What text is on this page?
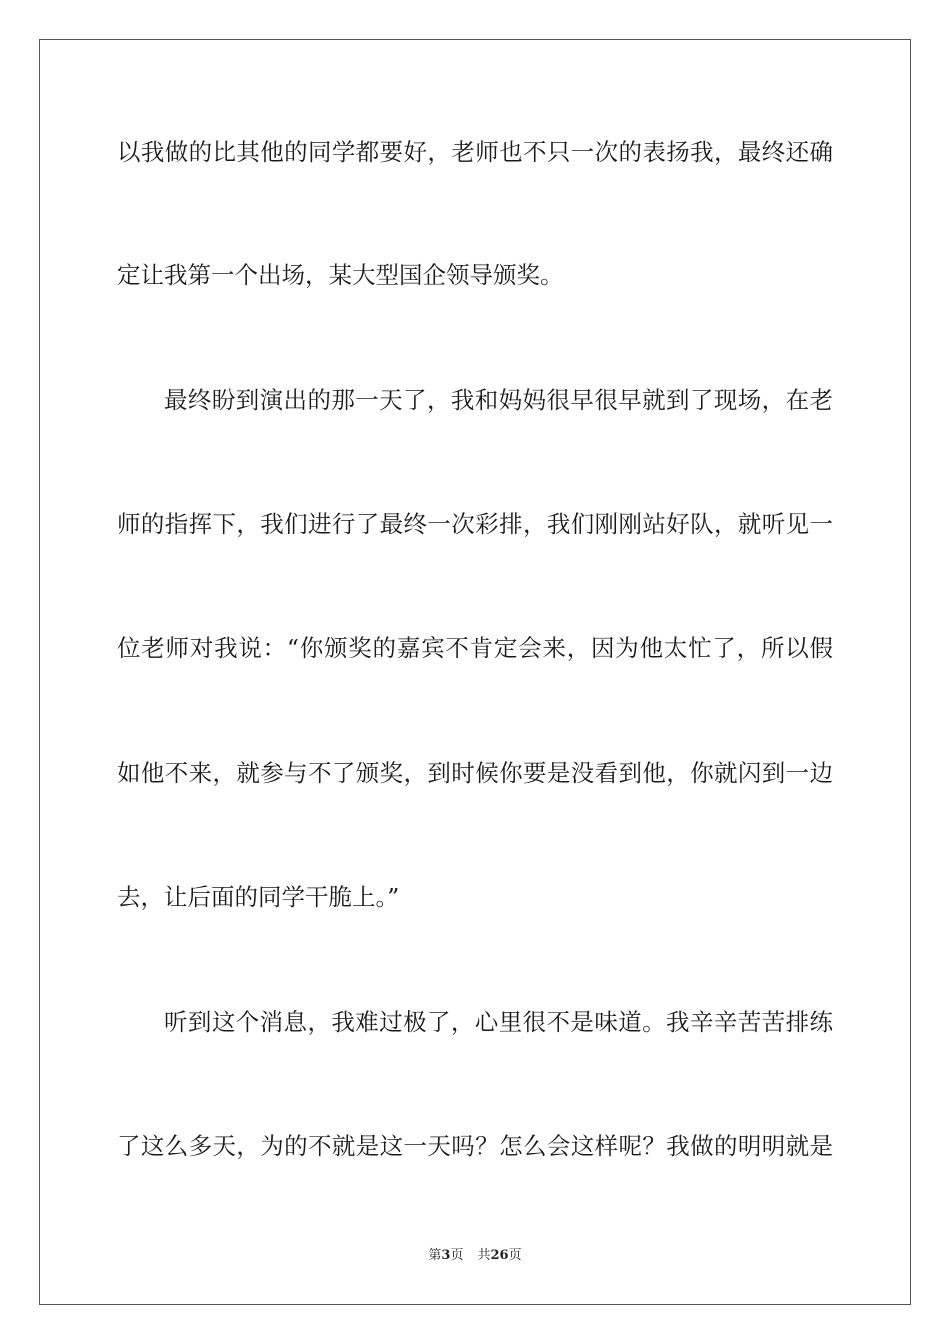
以我做的比其他的同学都要好，老师也不只一次的表扬我，最终还确
定让我第一个出场，某大型国企领导颁奖。
最终盼到演出的那一天了，我和妈妈很早很早就到了现场，在老
师的指挥下，我们进行了最终一次彩排，我们刚刚站好队，就听见一
位老师对我说：“你颁奖的嘉宾不肯定会来，因为他太忙了，所以假
如他不来，就参与不了颁奖，到时候你要是没看到他，你就闪到一边
去，让后面的同学干脆上。”
听到这个消息，我难过极了，心里很不是味道。我辛辛苦苦排练
了这么多天，为的不就是这一天吗？怎么会这样呢？我做的明明就是
第3页 共26页
